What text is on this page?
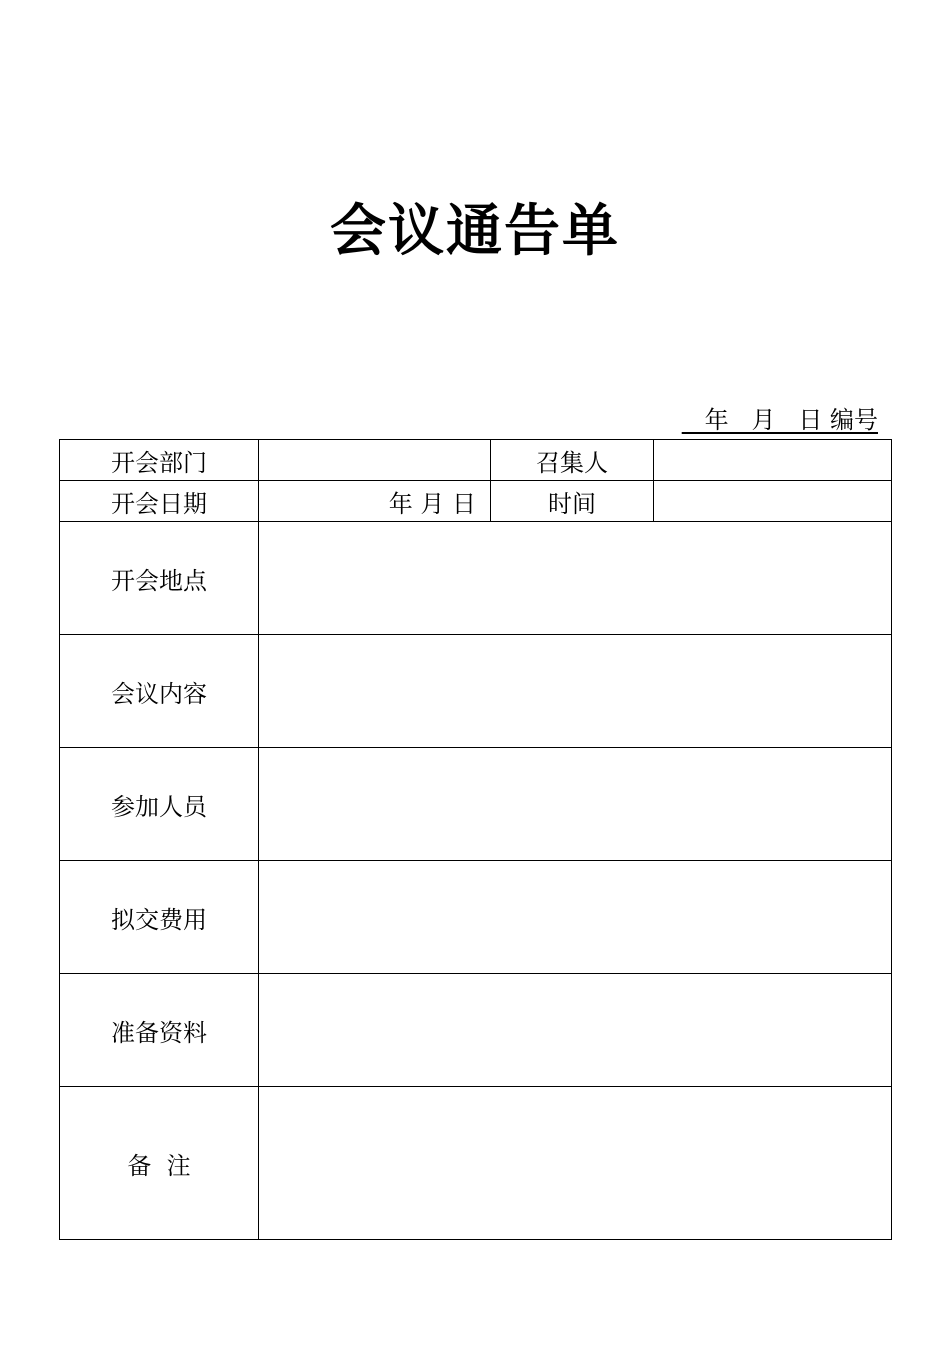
会议通告单
年   月   日 编号
开会部门		召集人	
开会日期	年 月 日	时间	
开会地点			
会议内容			
参加人员			
拟交费用			
准备资料			
备  注			
